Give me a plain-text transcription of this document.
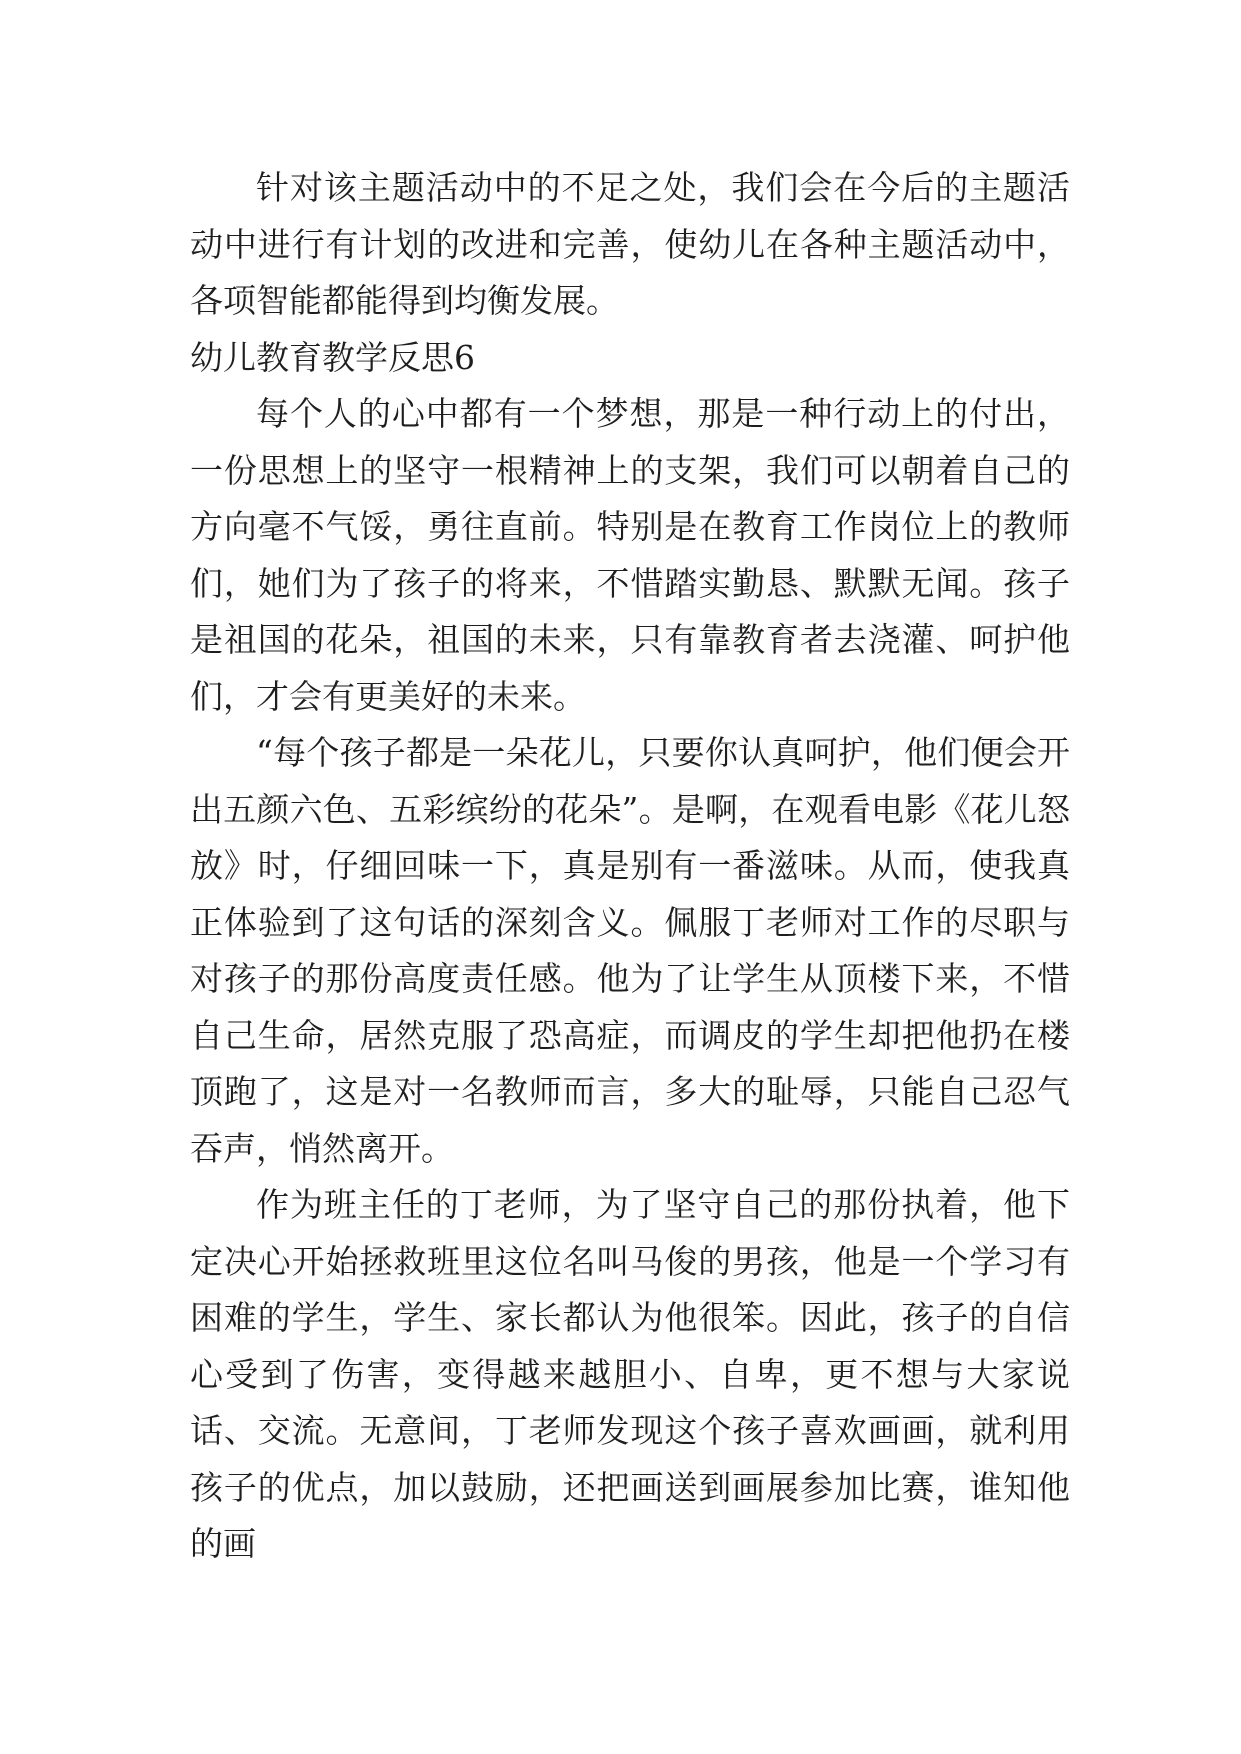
针对该主题活动中的不足之处，我们会在今后的主题活动中进行有计划的改进和完善，使幼儿在各种主题活动中，各项智能都能得到均衡发展。

幼儿教育教学反思6

每个人的心中都有一个梦想，那是一种行动上的付出，一份思想上的坚守一根精神上的支架，我们可以朝着自己的方向毫不气馁，勇往直前。特别是在教育工作岗位上的教师们，她们为了孩子的将来，不惜踏实勤恳、默默无闻。孩子是祖国的花朵，祖国的未来，只有靠教育者去浇灌、呵护他们，才会有更美好的未来。

“每个孩子都是一朵花儿，只要你认真呵护，他们便会开出五颜六色、五彩缤纷的花朵”。是啊，在观看电影《花儿怒放》时，仔细回味一下，真是别有一番滋味。从而，使我真正体验到了这句话的深刻含义。佩服丁老师对工作的尽职与对孩子的那份高度责任感。他为了让学生从顶楼下来，不惜自己生命，居然克服了恐高症，而调皮的学生却把他扔在楼顶跑了，这是对一名教师而言，多大的耻辱，只能自己忍气吞声，悄然离开。

作为班主任的丁老师，为了坚守自己的那份执着，他下定决心开始拯救班里这位名叫马俊的男孩，他是一个学习有困难的学生，学生、家长都认为他很笨。因此，孩子的自信心受到了伤害，变得越来越胆小、自卑，更不想与大家说话、交流。无意间，丁老师发现这个孩子喜欢画画，就利用孩子的优点，加以鼓励，还把画送到画展参加比赛，谁知他的画
